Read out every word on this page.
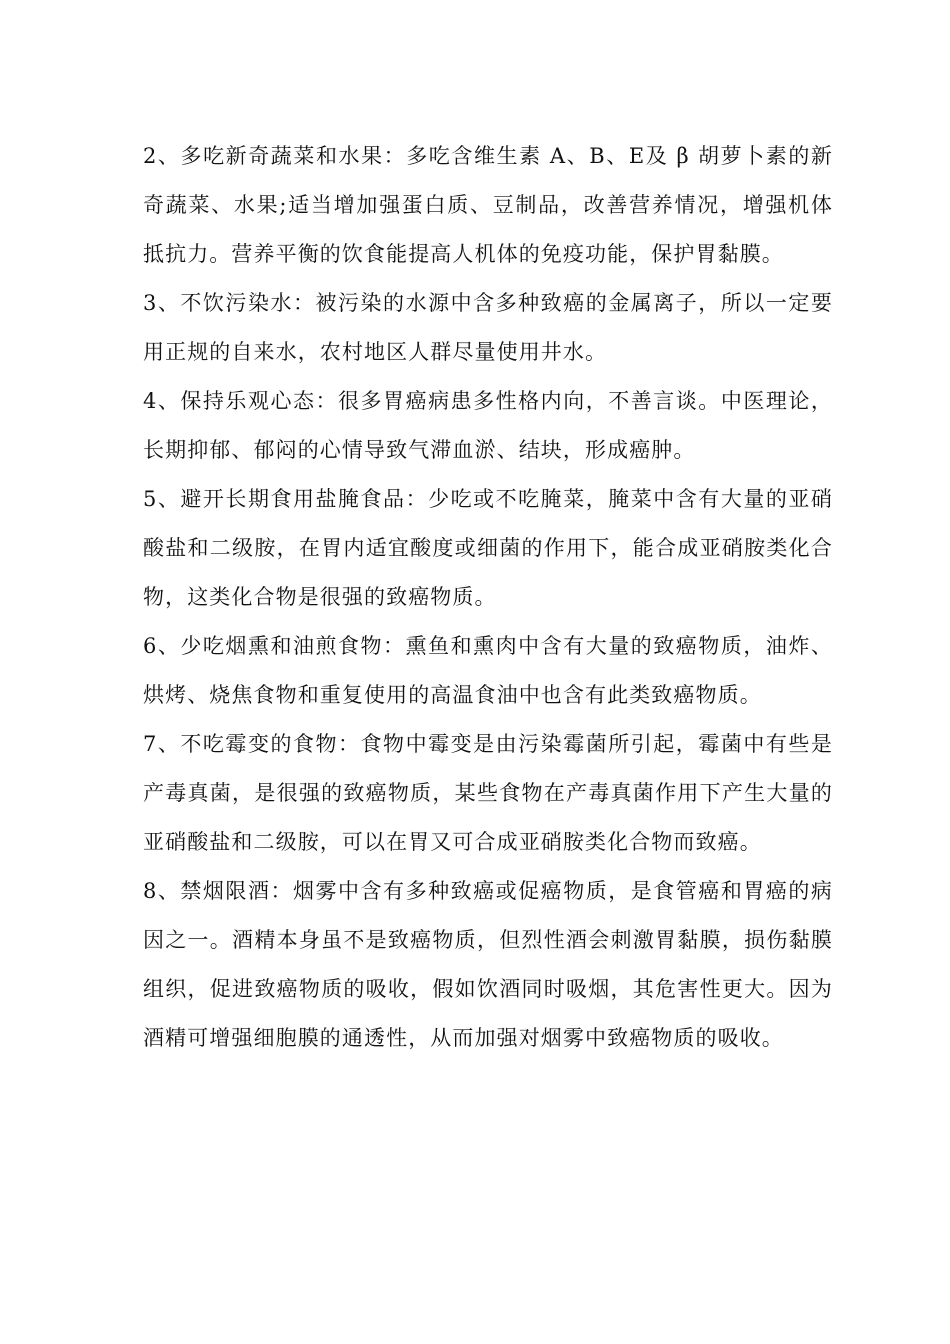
2、多吃新奇蔬菜和水果：多吃含维生素 A、B、E及 β 胡萝卜素的新奇蔬菜、水果;适当增加强蛋白质、豆制品，改善营养情况，增强机体抵抗力。营养平衡的饮食能提高人机体的免疫功能，保护胃黏膜。

3、不饮污染水：被污染的水源中含多种致癌的金属离子，所以一定要用正规的自来水，农村地区人群尽量使用井水。

4、保持乐观心态：很多胃癌病患多性格内向，不善言谈。中医理论，长期抑郁、郁闷的心情导致气滞血淤、结块，形成癌肿。

5、避开长期食用盐腌食品：少吃或不吃腌菜，腌菜中含有大量的亚硝酸盐和二级胺，在胃内适宜酸度或细菌的作用下，能合成亚硝胺类化合物，这类化合物是很强的致癌物质。

6、少吃烟熏和油煎食物：熏鱼和熏肉中含有大量的致癌物质，油炸、烘烤、烧焦食物和重复使用的高温食油中也含有此类致癌物质。

7、不吃霉变的食物：食物中霉变是由污染霉菌所引起，霉菌中有些是产毒真菌，是很强的致癌物质，某些食物在产毒真菌作用下产生大量的亚硝酸盐和二级胺，可以在胃又可合成亚硝胺类化合物而致癌。

8、禁烟限酒：烟雾中含有多种致癌或促癌物质，是食管癌和胃癌的病因之一。酒精本身虽不是致癌物质，但烈性酒会刺激胃黏膜，损伤黏膜组织，促进致癌物质的吸收，假如饮酒同时吸烟，其危害性更大。因为酒精可增强细胞膜的通透性，从而加强对烟雾中致癌物质的吸收。
